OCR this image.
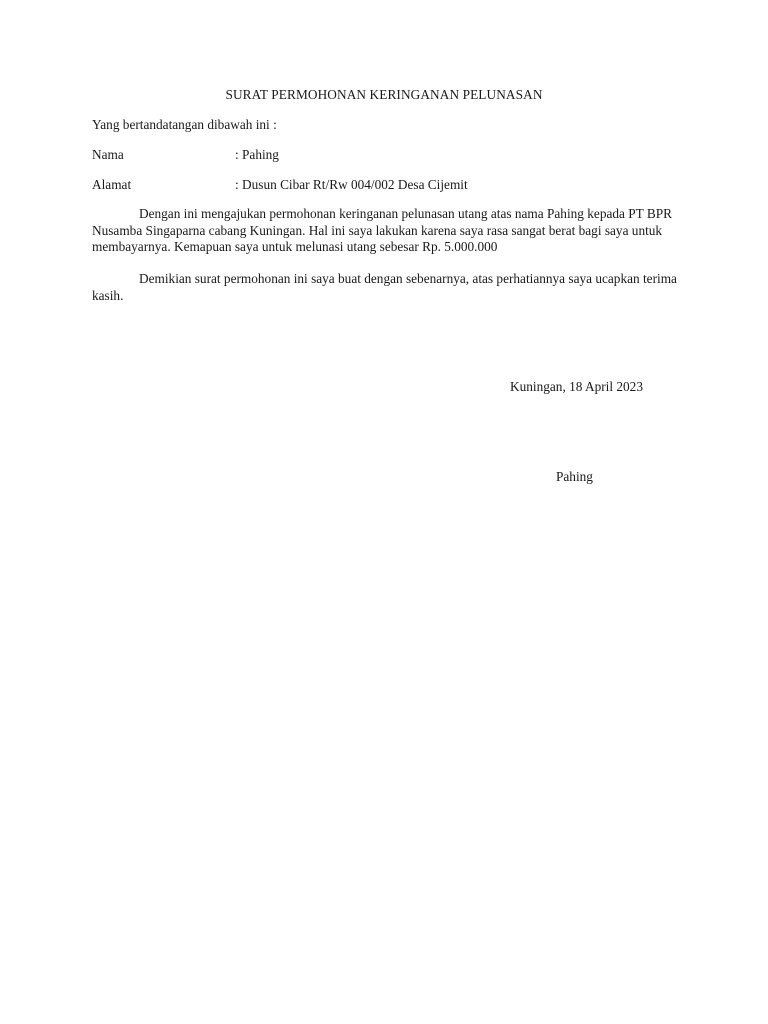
SURAT PERMOHONAN KERINGANAN PELUNASAN
Yang bertandatangan dibawah ini :
Nama	: Pahing
Alamat	: Dusun Cibar Rt/Rw 004/002 Desa Cijemit
Dengan ini mengajukan permohonan keringanan pelunasan utang atas nama Pahing kepada PT BPR Nusamba Singaparna cabang Kuningan. Hal ini saya lakukan karena saya rasa sangat berat bagi saya untuk membayarnya. Kemapuan saya untuk melunasi utang sebesar Rp. 5.000.000
Demikian surat permohonan ini saya buat dengan sebenarnya, atas perhatiannya saya ucapkan terima kasih.
Kuningan, 18 April 2023
Pahing
